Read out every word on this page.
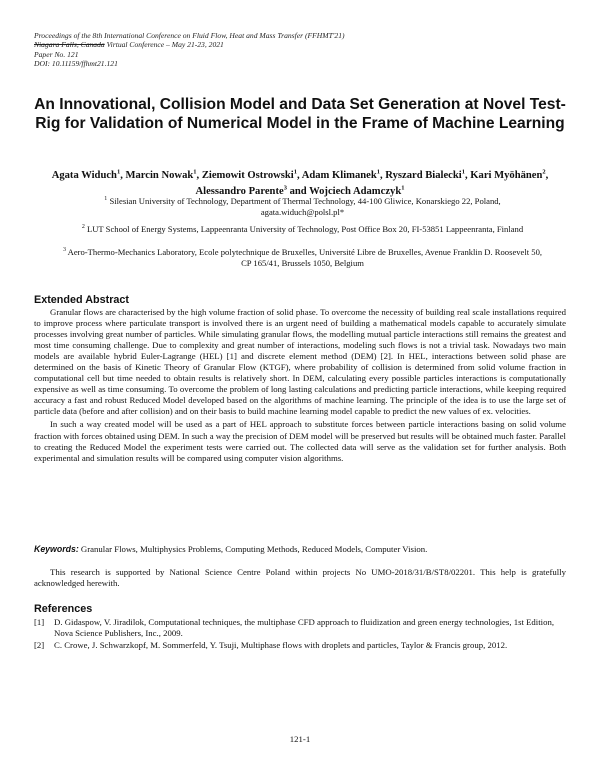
Proceedings of the 8th International Conference on Fluid Flow, Heat and Mass Transfer (FFHMT'21)
Niagara Falls, Canada Virtual Conference – May 21-23, 2021
Paper No. 121
DOI: 10.11159/ffhmt21.121
An Innovational, Collision Model and Data Set Generation at Novel Test-Rig for Validation of Numerical Model in the Frame of Machine Learning
Agata Widuch$^1$, Marcin Nowak$^1$, Ziemowit Ostrowski$^1$, Adam Klimanek$^1$, Ryszard Bialecki$^1$, Kari Myöhänen$^2$, Alessandro Parente$^3$ and Wojciech Adamczyk$^1$
$^1$ Silesian University of Technology, Department of Thermal Technology, 44-100 Gliwice, Konarskiego 22, Poland,
agata.widuch@polsl.pl*
$^2$ LUT School of Energy Systems, Lappeenranta University of Technology, Post Office Box 20, FI-53851 Lappeenranta, Finland
$^3$ Aero-Thermo-Mechanics Laboratory, Ecole polytechnique de Bruxelles, Université Libre de Bruxelles, Avenue Franklin D. Roosevelt 50, CP 165/41, Brussels 1050, Belgium
Extended Abstract

Granular flows are characterised by the high volume fraction of solid phase. To overcome the necessity of building real scale installations required to improve process where particulate transport is involved there is an urgent need of building a mathematical models capable to accurately simulate processes involving great number of particles. While simulating granular flows, the modelling mutual particle interactions still remains the greatest and most time consuming challenge. Due to complexity and great number of interactions, modeling such flows is not a trivial task. Nowadays two main models are available hybrid Euler-Lagrange (HEL) [1] and discrete element method (DEM) [2]. In HEL, interactions between solid phase are determined on the basis of Kinetic Theory of Granular Flow (KTGF), where probability of collision is determined from solid volume fraction in computational cell but time needed to obtain results is relatively short. In DEM, calculating every possible particles interactions is computationally expensive as well as time consuming. To overcome the problem of long lasting calculations and predicting particle interactions, while keeping required accuracy a fast and robust Reduced Model developed based on the algorithms of machine learning. The principle of the idea is to use the large set of particle data (before and after collision) and on their basis to build machine learning model capable to predict the new values of ex. velocities.

In such a way created model will be used as a part of HEL approach to substitute forces between particle interactions basing on solid volume fraction with forces obtained using DEM. In such a way the precision of DEM model will be preserved but results will be obtained much faster. Parallel to creating the Reduced Model the experiment tests were carried out. The collected data will serve as the validation set for further analysis. Both experimental and simulation results will be compared using computer vision algorithms.

Keywords: Granular Flows, Multiphysics Problems, Computing Methods, Reduced Models, Computer Vision.

This research is supported by National Science Centre Poland within projects No UMO-2018/31/B/ST8/02201. This help is gratefully acknowledged herewith.

References
[1]	D. Gidaspow, V. Jiradilok, Computational techniques, the multiphase CFD approach to fluidization and green energy technologies, 1st Edition, Nova Science Publishers, Inc., 2009.
[2]	C. Crowe, J. Schwarzkopf, M. Sommerfeld, Y. Tsuji, Multiphase flows with droplets and particles, Taylor & Francis group, 2012.
121-1
